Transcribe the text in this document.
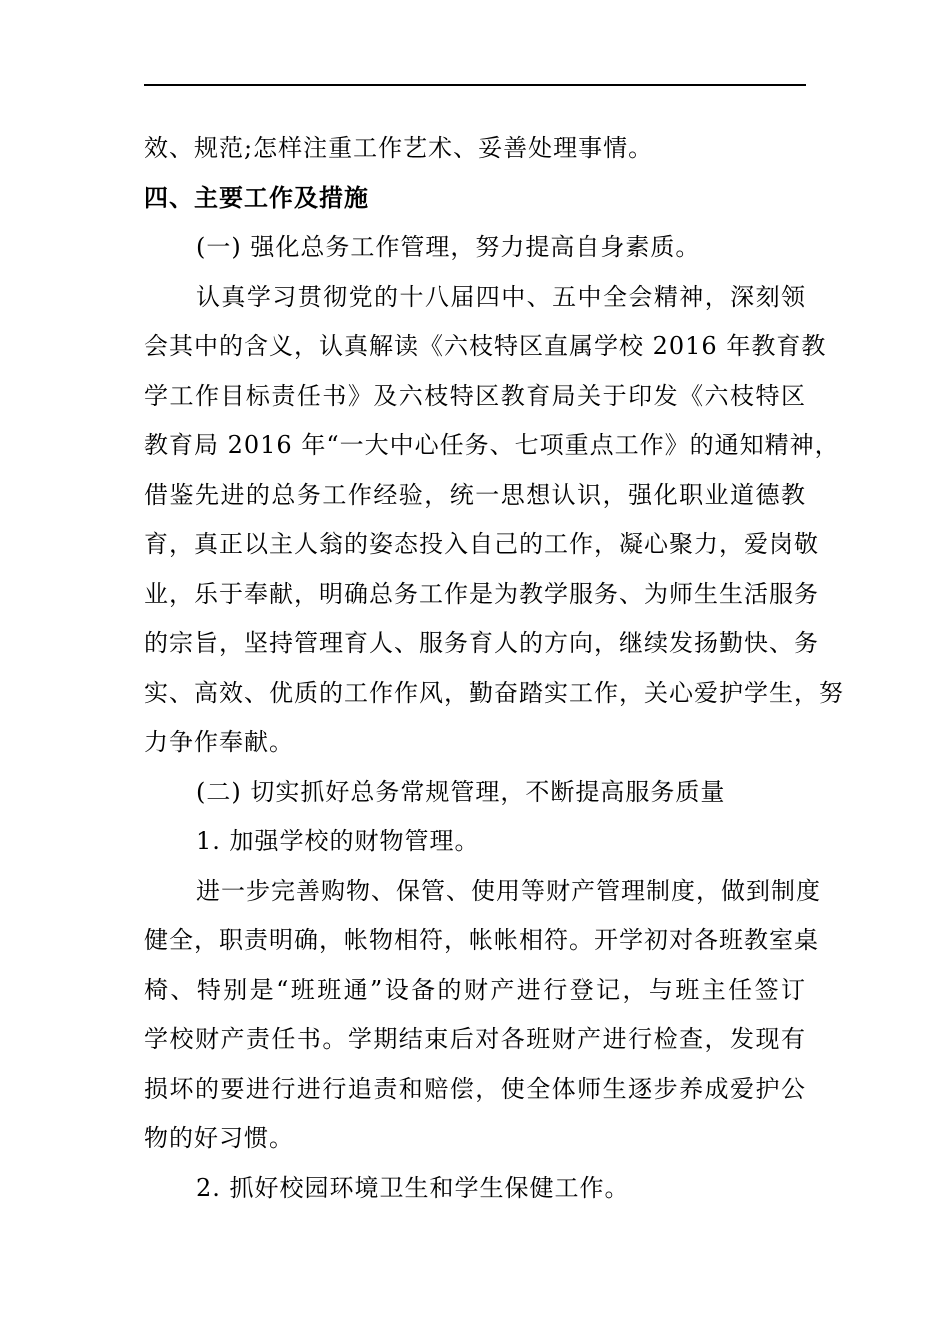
效、规范;怎样注重工作艺术、妥善处理事情。
四、主要工作及措施
(一) 强化总务工作管理，努力提高自身素质。
认真学习贯彻党的十八届四中、五中全会精神，深刻领
会其中的含义，认真解读《六枝特区直属学校 2016 年教育教
学工作目标责任书》及六枝特区教育局关于印发《六枝特区
教育局 2016 年“一大中心任务、七项重点工作》的通知精神，
借鉴先进的总务工作经验，统一思想认识，强化职业道德教
育，真正以主人翁的姿态投入自己的工作，凝心聚力，爱岗敬
业，乐于奉献，明确总务工作是为教学服务、为师生生活服务
的宗旨，坚持管理育人、服务育人的方向，继续发扬勤快、务
实、高效、优质的工作作风，勤奋踏实工作，关心爱护学生，努
力争作奉献。
(二) 切实抓好总务常规管理，不断提高服务质量
1. 加强学校的财物管理。
进一步完善购物、保管、使用等财产管理制度，做到制度
健全，职责明确，帐物相符，帐帐相符。开学初对各班教室桌
椅、特别是“班班通”设备的财产进行登记，与班主任签订
学校财产责任书。学期结束后对各班财产进行检查，发现有
损坏的要进行进行追责和赔偿，使全体师生逐步养成爱护公
物的好习惯。
2. 抓好校园环境卫生和学生保健工作。
